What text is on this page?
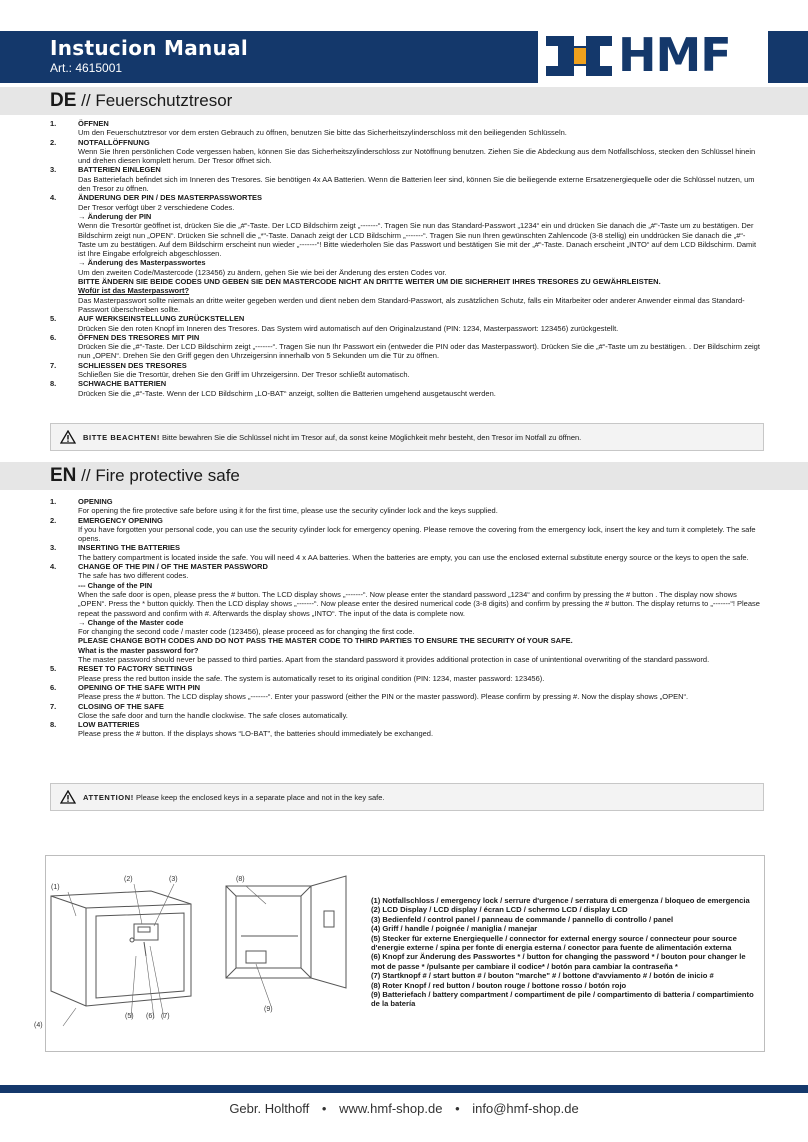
Instucion Manual
Art.: 4615001	HMF
DE // Feuerschutztresor
1.	ÖFFNEN
Um den Feuerschutztresor vor dem ersten Gebrauch zu öffnen, benutzen Sie bitte das Sicherheitszylinderschloss mit den beiliegenden Schlüsseln.
2.	NOTFALLÖFFNUNG
Wenn Sie Ihren persönlichen Code vergessen haben, können Sie das Sicherheitszylinderschloss zur Notöffnung benutzen. Ziehen Sie die Abdeckung aus dem Notfallschloss, stecken den Schlüssel hinein und drehen diesen komplett herum. Der Tresor öffnet sich.
3.	BATTERIEN EINLEGEN
Das Batteriefach befindet sich im Inneren des Tresores. Sie benötigen 4x AA Batterien. Wenn die Batterien leer sind, können Sie die beiliegende externe Ersatzenergiequelle oder die Schlüssel nutzen, um den Tresor zu öffnen.
4.	ÄNDERUNG DER PIN / DES MASTERPASSWORTES
Der Tresor verfügt über 2 verschiedene Codes.
→ Änderung der PIN
Wenn die Tresortür geöffnet ist, drücken Sie die „#“-Taste. Der LCD Bildschirm zeigt „-------“. Tragen Sie nun das Standard-Passwort „1234“ ein und drücken Sie danach die „#“-Taste um zu bestätigen. Der Bildschirm zeigt nun „OPEN“. Drücken Sie schnell die „*“-Taste. Danach zeigt der LCD Bildschirm „-------“. Tragen Sie nun Ihren gewünschten Zahlencode (3-8 stellig) ein unddrücken Sie danach die „#“-Taste um zu bestätigen. Auf dem Bildschirm erscheint nun wieder „-------“! Bitte wiederholen Sie das Passwort und bestätigen Sie mit der „#“-Taste. Danach erscheint „INTO“ auf dem LCD Bildschirm. Damit ist Ihre Eingabe erfolgreich abgeschlossen.
→ Änderung des Masterpasswortes
Um den zweiten Code/Mastercode (123456) zu ändern, gehen Sie wie bei der Änderung des ersten Codes vor.
BITTE ÄNDERN SIE BEIDE CODES UND GEBEN SIE DEN MASTERCODE NICHT AN DRITTE WEITER UM DIE SICHERHEIT IHRES TRESORES ZU GEWÄHRLEISTEN.
Wofür ist das Masterpasswort?
Das Masterpasswort sollte niemals an dritte weiter gegeben werden und dient neben dem Standard-Passwort, als zusätzlichen Schutz, falls ein Mitarbeiter oder anderer Anwender einmal das Standard-Passwort überschreiben sollte.
5.	AUF WERKSEINSTELLUNG ZURÜCKSTELLEN
Drücken Sie den roten Knopf im Inneren des Tresores. Das System wird automatisch auf den Originalzustand (PIN: 1234, Masterpasswort: 123456) zurückgestellt.
6.	ÖFFNEN DES TRESORES MIT PIN
Drücken Sie die „#“-Taste. Der LCD Bildschirm zeigt „-------“. Tragen Sie nun Ihr Passwort ein (entweder die PIN oder das Masterpasswort). Drücken Sie die „#“-Taste um zu bestätigen. . Der Bildschirm zeigt nun „OPEN“. Drehen Sie den Griff gegen den Uhrzeigersinn innerhalb von 5 Sekunden um die Tür zu öffnen.
7.	SCHLIESSEN DES TRESORES
Schließen Sie die Tresortür, drehen Sie den Griff im Uhrzeigersinn. Der Tresor schließt automatisch.
8.	SCHWACHE BATTERIEN
Drücken Sie die „#“-Taste. Wenn der LCD Bildschirm „LO-BAT“ anzeigt, sollten die Batterien umgehend ausgetauscht werden.
BITTE BEACHTEN! Bitte bewahren Sie die Schlüssel nicht im Tresor auf, da sonst keine Möglichkeit mehr besteht, den Tresor im Notfall zu öffnen.
EN // Fire protective safe
1.	OPENING
For opening the fire protective safe before using it for the first time, please use the security cylinder lock and the keys supplied.
2.	EMERGENCY OPENING
If you have forgotten your personal code, you can use the security cylinder lock for emergency opening. Please remove the covering from the emergency lock, insert the key and turn it completely. The safe opens.
3.	INSERTING THE BATTERIES
The battery compartment is located inside the safe. You will need 4 x AA batteries. When the batteries are empty, you can use the enclosed external substitute energy source or the keys to open the safe.
4.	CHANGE OF THE PIN / OF THE MASTER PASSWORD
The safe has two different codes.
--- Change of the PIN
When the safe door is open, please press the # button. The LCD display shows „-------“. Now please enter the standard password „1234“ and confirm by pressing the # button . The display now shows „OPEN“. Press the * button quickly. Then the LCD display shows „-------“. Now please enter the desired numerical code (3-8 digits) and confirm by pressing the # button. The display returns to „-------“! Please repeat the password and confirm with #. Afterwards the display shows „INTO“. The input of the data is complete now.
→ Change of the Master code
For changing the second code / master code (123456), please proceed as for changing the first code.
PLEASE CHANGE BOTH CODES AND DO NOT PASS THE MASTER CODE TO THIRD PARTIES TO ENSURE THE SECURITY Of YOUR SAFE.
What is the master password for?
The master password should never be passed to third parties. Apart from the standard password it provides additional protection in case of unintentional overwriting of the standard password.
5.	RESET TO FACTORY SETTINGS
Please press the red button inside the safe. The system is automatically reset to its original condition (PIN: 1234, master password: 123456).
6.	OPENING OF THE SAFE WITH PIN
Please press the # button. The LCD display shows „-------“. Enter your password (either the PIN or the master password). Please confirm by pressing #. Now the display shows „OPEN“.
7.	CLOSING OF THE SAFE
Close the safe door and turn the handle clockwise. The safe closes automatically.
8.	LOW BATTERIES
Please press the # button. If the displays shows “LO-BAT”, the batteries should immediately be exchanged.
ATTENTION! Please keep the enclosed keys in a separate place and not in the key safe.
(1)
(2)	(3)	(8)
(4)
(5) (6) (7)
(9)
(1) Notfallschloss / emergency lock / serrure d'urgence / serratura di emergenza / bloqueo de emergencia
(2) LCD Display / LCD display / écran LCD / schermo LCD / display LCD
(3) Bedienfeld / control panel / panneau de commande / pannello di controllo / panel
(4) Griff / handle / poignée / maniglia / manejar
(5) Stecker für externe Energiequelle / connector for external energy source / connecteur pour source d'energie externe / spina per fonte di energia esterna / conector para fuente de alimentación externa
(6) Knopf zur Änderung des Passwortes * / button for changing the password * / bouton pour changer le mot de passe * /pulsante per cambiare il codice* / botón para cambiar la contraseña *
(7) Startknopf # / start button # / bouton "marche" # / bottone d'avviamento # / botón de inicio #
(8) Roter Knopf / red button / bouton rouge / bottone rosso / botón rojo
(9) Batteriefach / battery compartment / compartiment de pile / compartimento di batteria / compartimiento de la batería
Gebr. Holthoff • www.hmf-shop.de • info@hmf-shop.de
